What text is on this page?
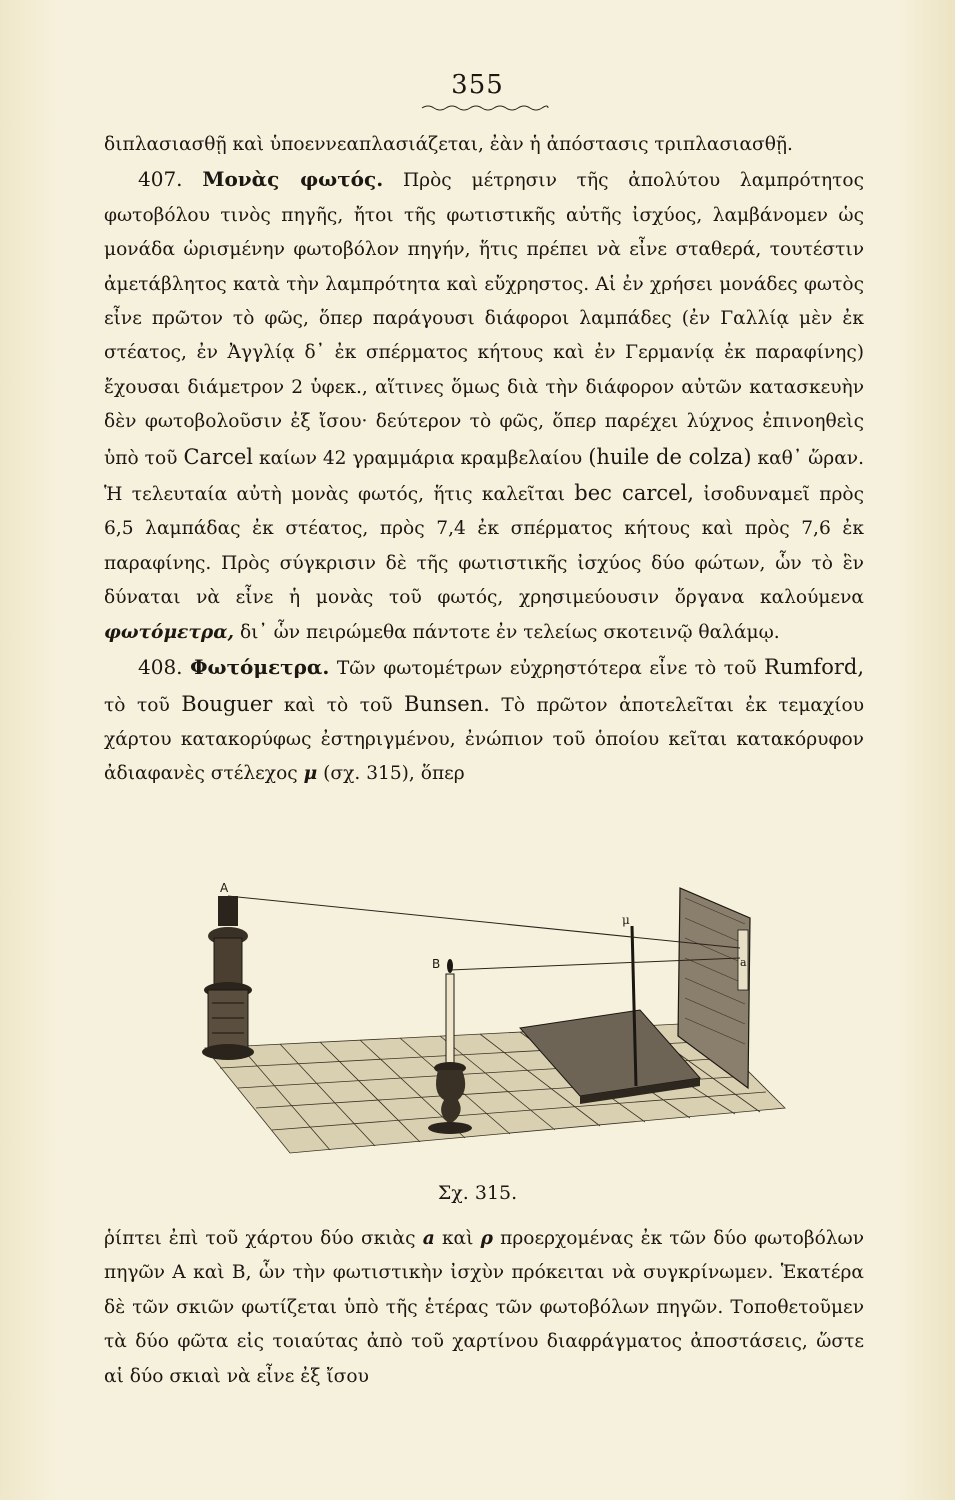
355

διπλασιασθῇ καὶ ὑποεννεαπλασιάζεται, ἐὰν ἡ ἀπόστασις τριπλασιασθῇ.

407. Μονὰς φωτός. Πρὸς μέτρησιν τῆς ἀπολύτου λαμπρότητος φωτοβόλου τινὸς πηγῆς, ἤτοι τῆς φωτιστικῆς αὐτῆς ἰσχύος, λαμβάνομεν ὡς μονάδα ὡρισμένην φωτοβόλον πηγήν, ἥτις πρέπει νὰ εἶνε σταθερά, τουτέστιν ἀμετάβλητος κατὰ τὴν λαμπρότητα καὶ εὔχρηστος. Αἱ ἐν χρήσει μονάδες φωτὸς εἶνε πρῶτον τὸ φῶς, ὅπερ παράγουσι διάφοροι λαμπάδες (ἐν Γαλλίᾳ μὲν ἐκ στέατος, ἐν Ἀγγλίᾳ δ᾽ ἐκ σπέρματος κήτους καὶ ἐν Γερμανίᾳ ἐκ παραφίνης) ἔχουσαι διάμετρον 2 ὑφεκ., αἵτινες ὅμως διὰ τὴν διάφορον αὐτῶν κατασκευὴν δὲν φωτοβολοῦσιν ἐξ ἴσου· δεύτερον τὸ φῶς, ὅπερ παρέχει λύχνος ἐπινοηθεὶς ὑπὸ τοῦ Carcel καίων 42 γραμμάρια κραμβελαίου (huile de colza) καθ᾽ ὥραν. Ἡ τελευταία αὐτὴ μονὰς φωτός, ἥτις καλεῖται bec carcel, ἰσοδυναμεῖ πρὸς 6,5 λαμπάδας ἐκ στέατος, πρὸς 7,4 ἐκ σπέρματος κήτους καὶ πρὸς 7,6 ἐκ παραφίνης. Πρὸς σύγκρισιν δὲ τῆς φωτιστικῆς ἰσχύος δύο φώτων, ὧν τὸ ἓν δύναται νὰ εἶνε ἡ μονὰς τοῦ φωτός, χρησιμεύουσιν ὄργανα καλούμενα φωτόμετρα, δι᾽ ὧν πειρώμεθα πάντοτε ἐν τελείως σκοτεινῷ θαλάμῳ.

408. Φωτόμετρα. Τῶν φωτομέτρων εὐχρηστότερα εἶνε τὸ τοῦ Rumford, τὸ τοῦ Bouguer καὶ τὸ τοῦ Bunsen. Τὸ πρῶτον ἀποτελεῖται ἐκ τεμαχίου χάρτου κατακορύφως ἐστηριγμένου, ἐνώπιον τοῦ ὁποίου κεῖται κατακόρυφον ἀδιαφανὲς στέλεχος μ (σχ. 315), ὅπερ

A
B
μ
a
Σχ. 315.

ῥίπτει ἐπὶ τοῦ χάρτου δύο σκιὰς a καὶ ρ προερχομένας ἐκ τῶν δύο φωτοβόλων πηγῶν Α καὶ Β, ὧν τὴν φωτιστικὴν ἰσχὺν πρόκειται νὰ συγκρίνωμεν. Ἑκατέρα δὲ τῶν σκιῶν φωτίζεται ὑπὸ τῆς ἑτέρας τῶν φωτοβόλων πηγῶν. Τοποθετοῦμεν τὰ δύο φῶτα εἰς τοιαύτας ἀπὸ τοῦ χαρτίνου διαφράγματος ἀποστάσεις, ὥστε αἱ δύο σκιαὶ νὰ εἶνε ἐξ ἴσου
